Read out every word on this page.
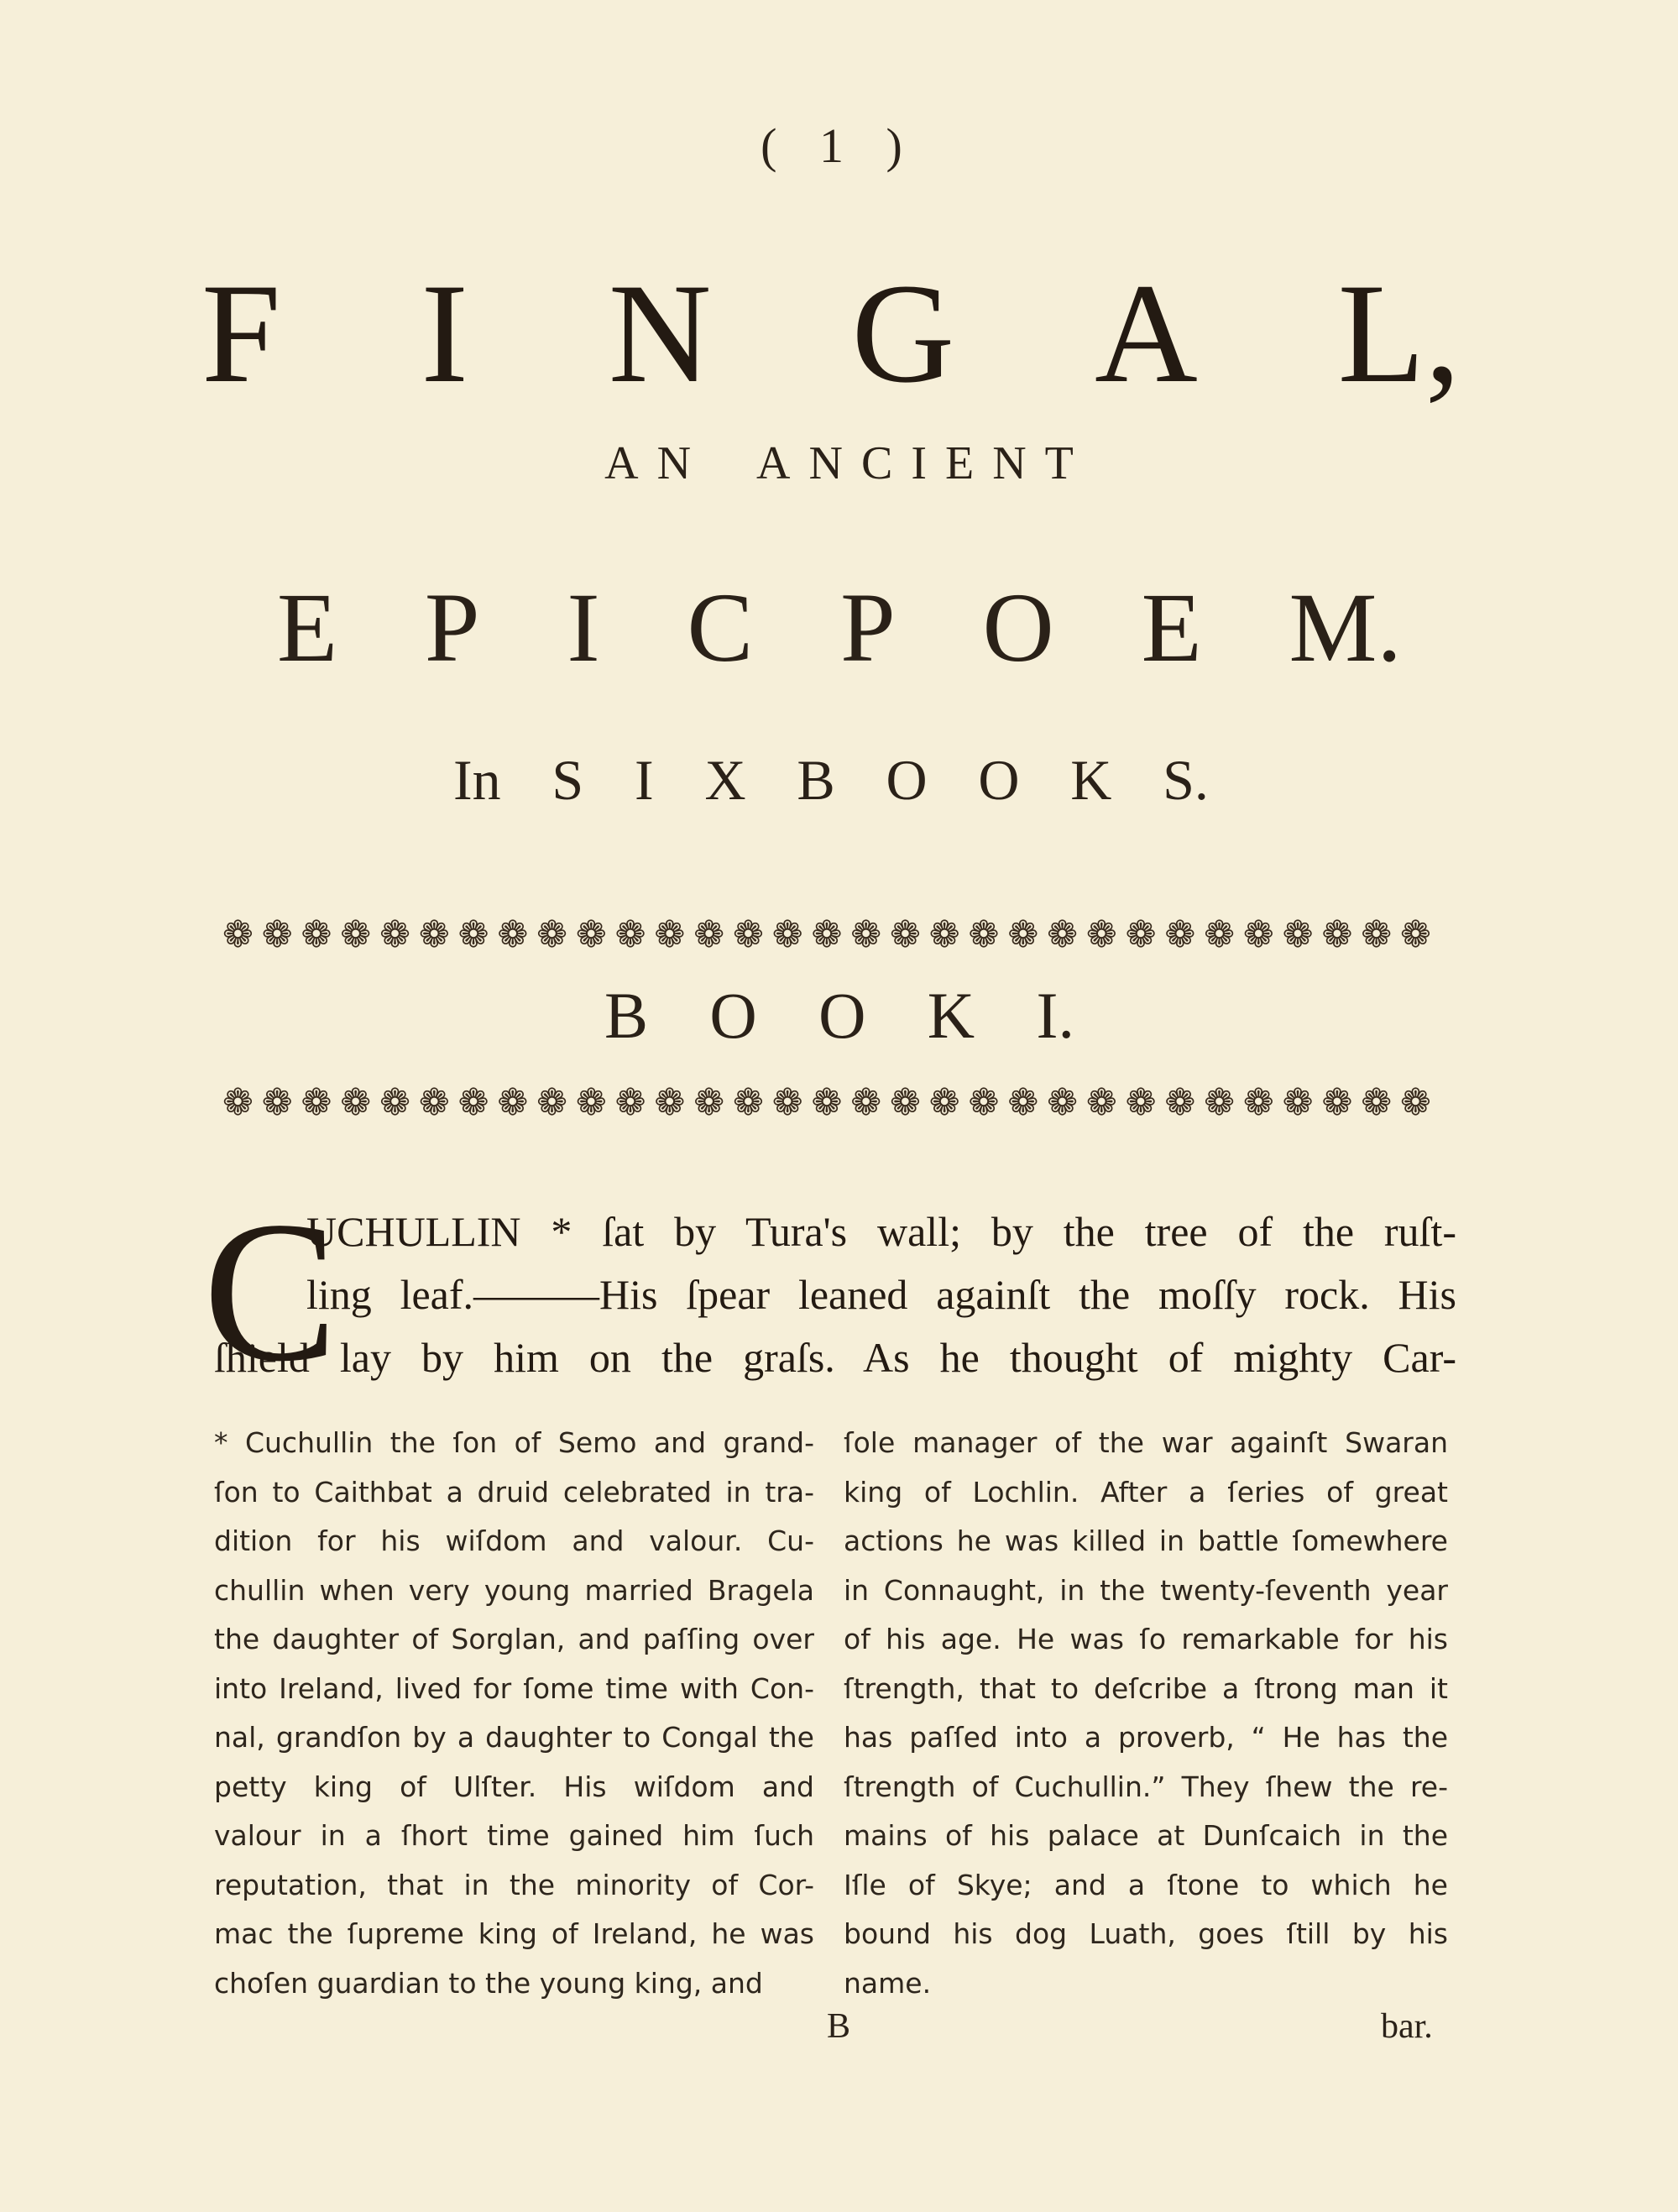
( 1 )
F I N G A L,
A N A N C I E N T
E P I C P O E M.
In S I X B O O K S.
❁ ❁ ❁ ❁ ❁ ❁ ❁ ❁ ❁ ❁ ❁ ❁ ❁ ❁ ❁ ❁ ❁ ❁ ❁ ❁ ❁ ❁ ❁ ❁ ❁ ❁ ❁ ❁ ❁ ❁ ❁
B O O K I.
❁ ❁ ❁ ❁ ❁ ❁ ❁ ❁ ❁ ❁ ❁ ❁ ❁ ❁ ❁ ❁ ❁ ❁ ❁ ❁ ❁ ❁ ❁ ❁ ❁ ❁ ❁ ❁ ❁ ❁ ❁
C
UCHULLIN * ſat by Tura's wall; by the tree of the ruſt-
ling leaf.———His ſpear leaned againſt the moſſy rock. His
ſhield lay by him on the graſs. As he thought of mighty Car-
* Cuchullin the ſon of Semo and grand-
ſon to Caithbat a druid celebrated in tra-
dition for his wiſdom and valour. Cu-
chullin when very young married Bragela
the daughter of Sorglan, and paſſing over
into Ireland, lived for ſome time with Con-
nal, grandſon by a daughter to Congal the
petty king of Ulſter. His wiſdom and
valour in a ſhort time gained him ſuch
reputation, that in the minority of Cor-
mac the ſupreme king of Ireland, he was
choſen guardian to the young king, and
ſole manager of the war againſt Swaran
king of Lochlin. After a ſeries of great
actions he was killed in battle ſomewhere
in Connaught, in the twenty-ſeventh year
of his age. He was ſo remarkable for his
ſtrength, that to deſcribe a ſtrong man it
has paſſed into a proverb, “ He has the
ſtrength of Cuchullin.” They ſhew the re-
mains of his palace at Dunſcaich in the
Iſle of Skye; and a ſtone to which he
bound his dog Luath, goes ſtill by his
name.
B	bar.
